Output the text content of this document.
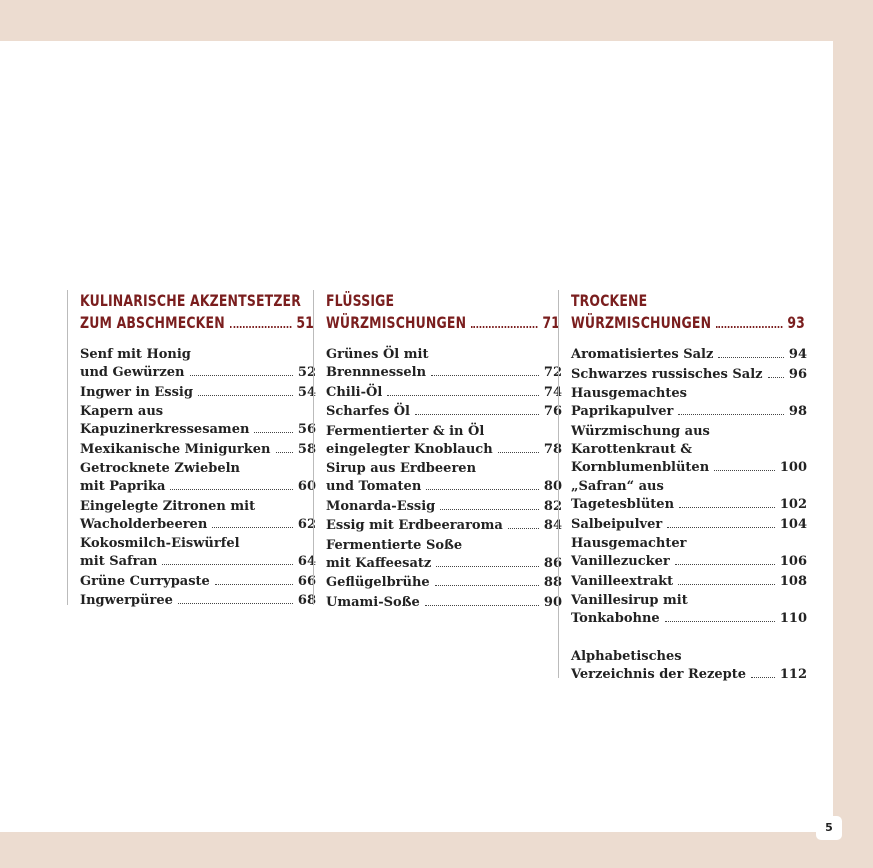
KULINARISCHE AKZENTSETZER
ZUM ABSCHMECKEN	51
Senf mit Honig
und Gewürzen	52
Ingwer in Essig	54
Kapern aus
Kapuzinerkressesamen	56
Mexikanische Minigurken 58
Getrocknete Zwiebeln
mit Paprika	60
Eingelegte Zitronen mit
Wacholderbeeren	62
Kokosmilch-Eiswürfel
mit Safran	64
Grüne Currypaste	66
Ingwerpüree	68
FLÜSSIGE
WÜRZMISCHUNGEN	71
Grünes Öl mit
Brennnesseln	72
Chili-Öl	74
Scharfes Öl	76
Fermentierter & in Öl
eingelegter Knoblauch	78
Sirup aus Erdbeeren
und Tomaten	80
Monarda-Essig	82
Essig mit Erdbeeraroma	84
Fermentierte Soße
mit Kaffeesatz	86
Geflügelbrühe	88
Umami-Soße	90
TROCKENE
WÜRZMISCHUNGEN	93
Aromatisiertes Salz	94
Schwarzes russisches Salz 96
Hausgemachtes
Paprikapulver	98
Würzmischung aus
Karottenkraut &
Kornblumenblüten	100
„Safran“ aus
Tagetesblüten	102
Salbeipulver	104
Hausgemachter
Vanillezucker	106
Vanilleextrakt	108
Vanillesirup mit
Tonkabohne	110
Alphabetisches
Verzeichnis der Rezepte	112
5
